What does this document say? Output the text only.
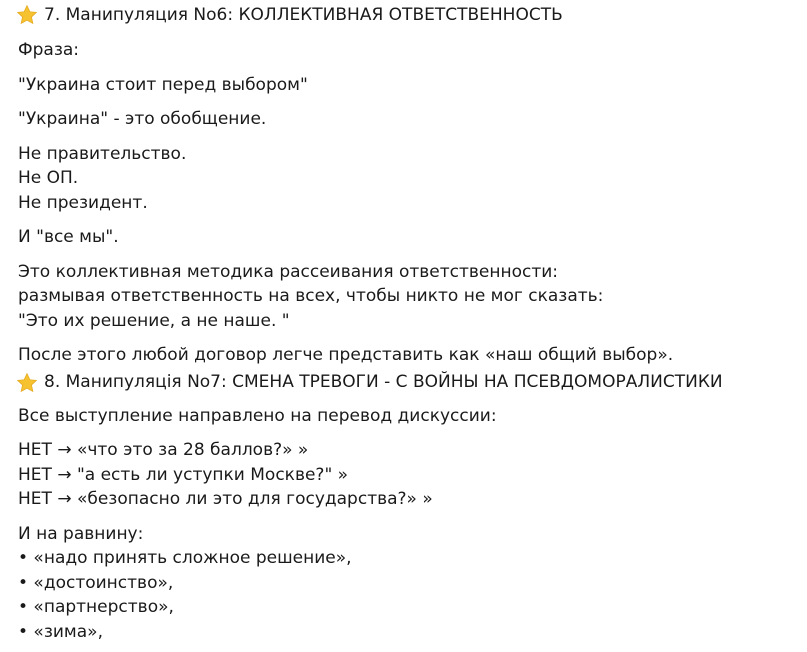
7. Манипуляция No6: КОЛЛЕКТИВНАЯ ОТВЕТСТВЕННОСТЬ

Фраза:

"Украина стоит перед выбором"

"Украина" - это обобщение.

Не правительство.

Не ОП.

Не президент.

И "все мы".

Это коллективная методика рассеивания ответственности:

размывая ответственность на всех, чтобы никто не мог сказать:

"Это их решение, а не наше. "

После этого любой договор легче представить как «наш общий выбор».

8. Манипуляція No7: СМЕНА ТРЕВОГИ - С ВОЙНЫ НА ПСЕВДОМОРАЛИСТИКИ

Все выступление направлено на перевод дискуссии:

НЕТ → «что это за 28 баллов?» »

НЕТ → "а есть ли уступки Москве?" »

НЕТ → «безопасно ли это для государства?» »

И на равнину:

• «надо принять сложное решение»,

• «достоинство»,

• «партнерство»,

• «зима»,
